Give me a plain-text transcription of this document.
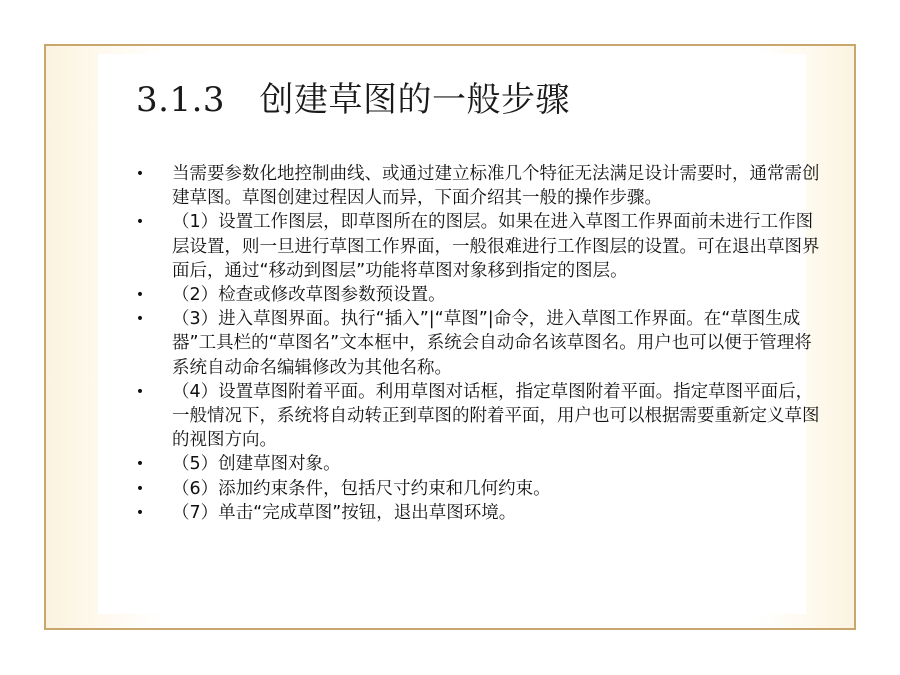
3.1.3　创建草图的一般步骤
• 当需要参数化地控制曲线、或通过建立标准几个特征无法满足设计需要时，通常需创建草图。草图创建过程因人而异，下面介绍其一般的操作步骤。
• （1）设置工作图层，即草图所在的图层。如果在进入草图工作界面前未进行工作图层设置，则一旦进行草图工作界面，一般很难进行工作图层的设置。可在退出草图界面后，通过“移动到图层”功能将草图对象移到指定的图层。
• （2）检查或修改草图参数预设置。
• （3）进入草图界面。执行“插入”|“草图”|命令，进入草图工作界面。在“草图生成器”工具栏的“草图名”文本框中，系统会自动命名该草图名。用户也可以便于管理将系统自动命名编辑修改为其他名称。
• （4）设置草图附着平面。利用草图对话框，指定草图附着平面。指定草图平面后，一般情况下，系统将自动转正到草图的附着平面，用户也可以根据需要重新定义草图的视图方向。
• （5）创建草图对象。
• （6）添加约束条件，包括尺寸约束和几何约束。
• （7）单击“完成草图”按钮，退出草图环境。
